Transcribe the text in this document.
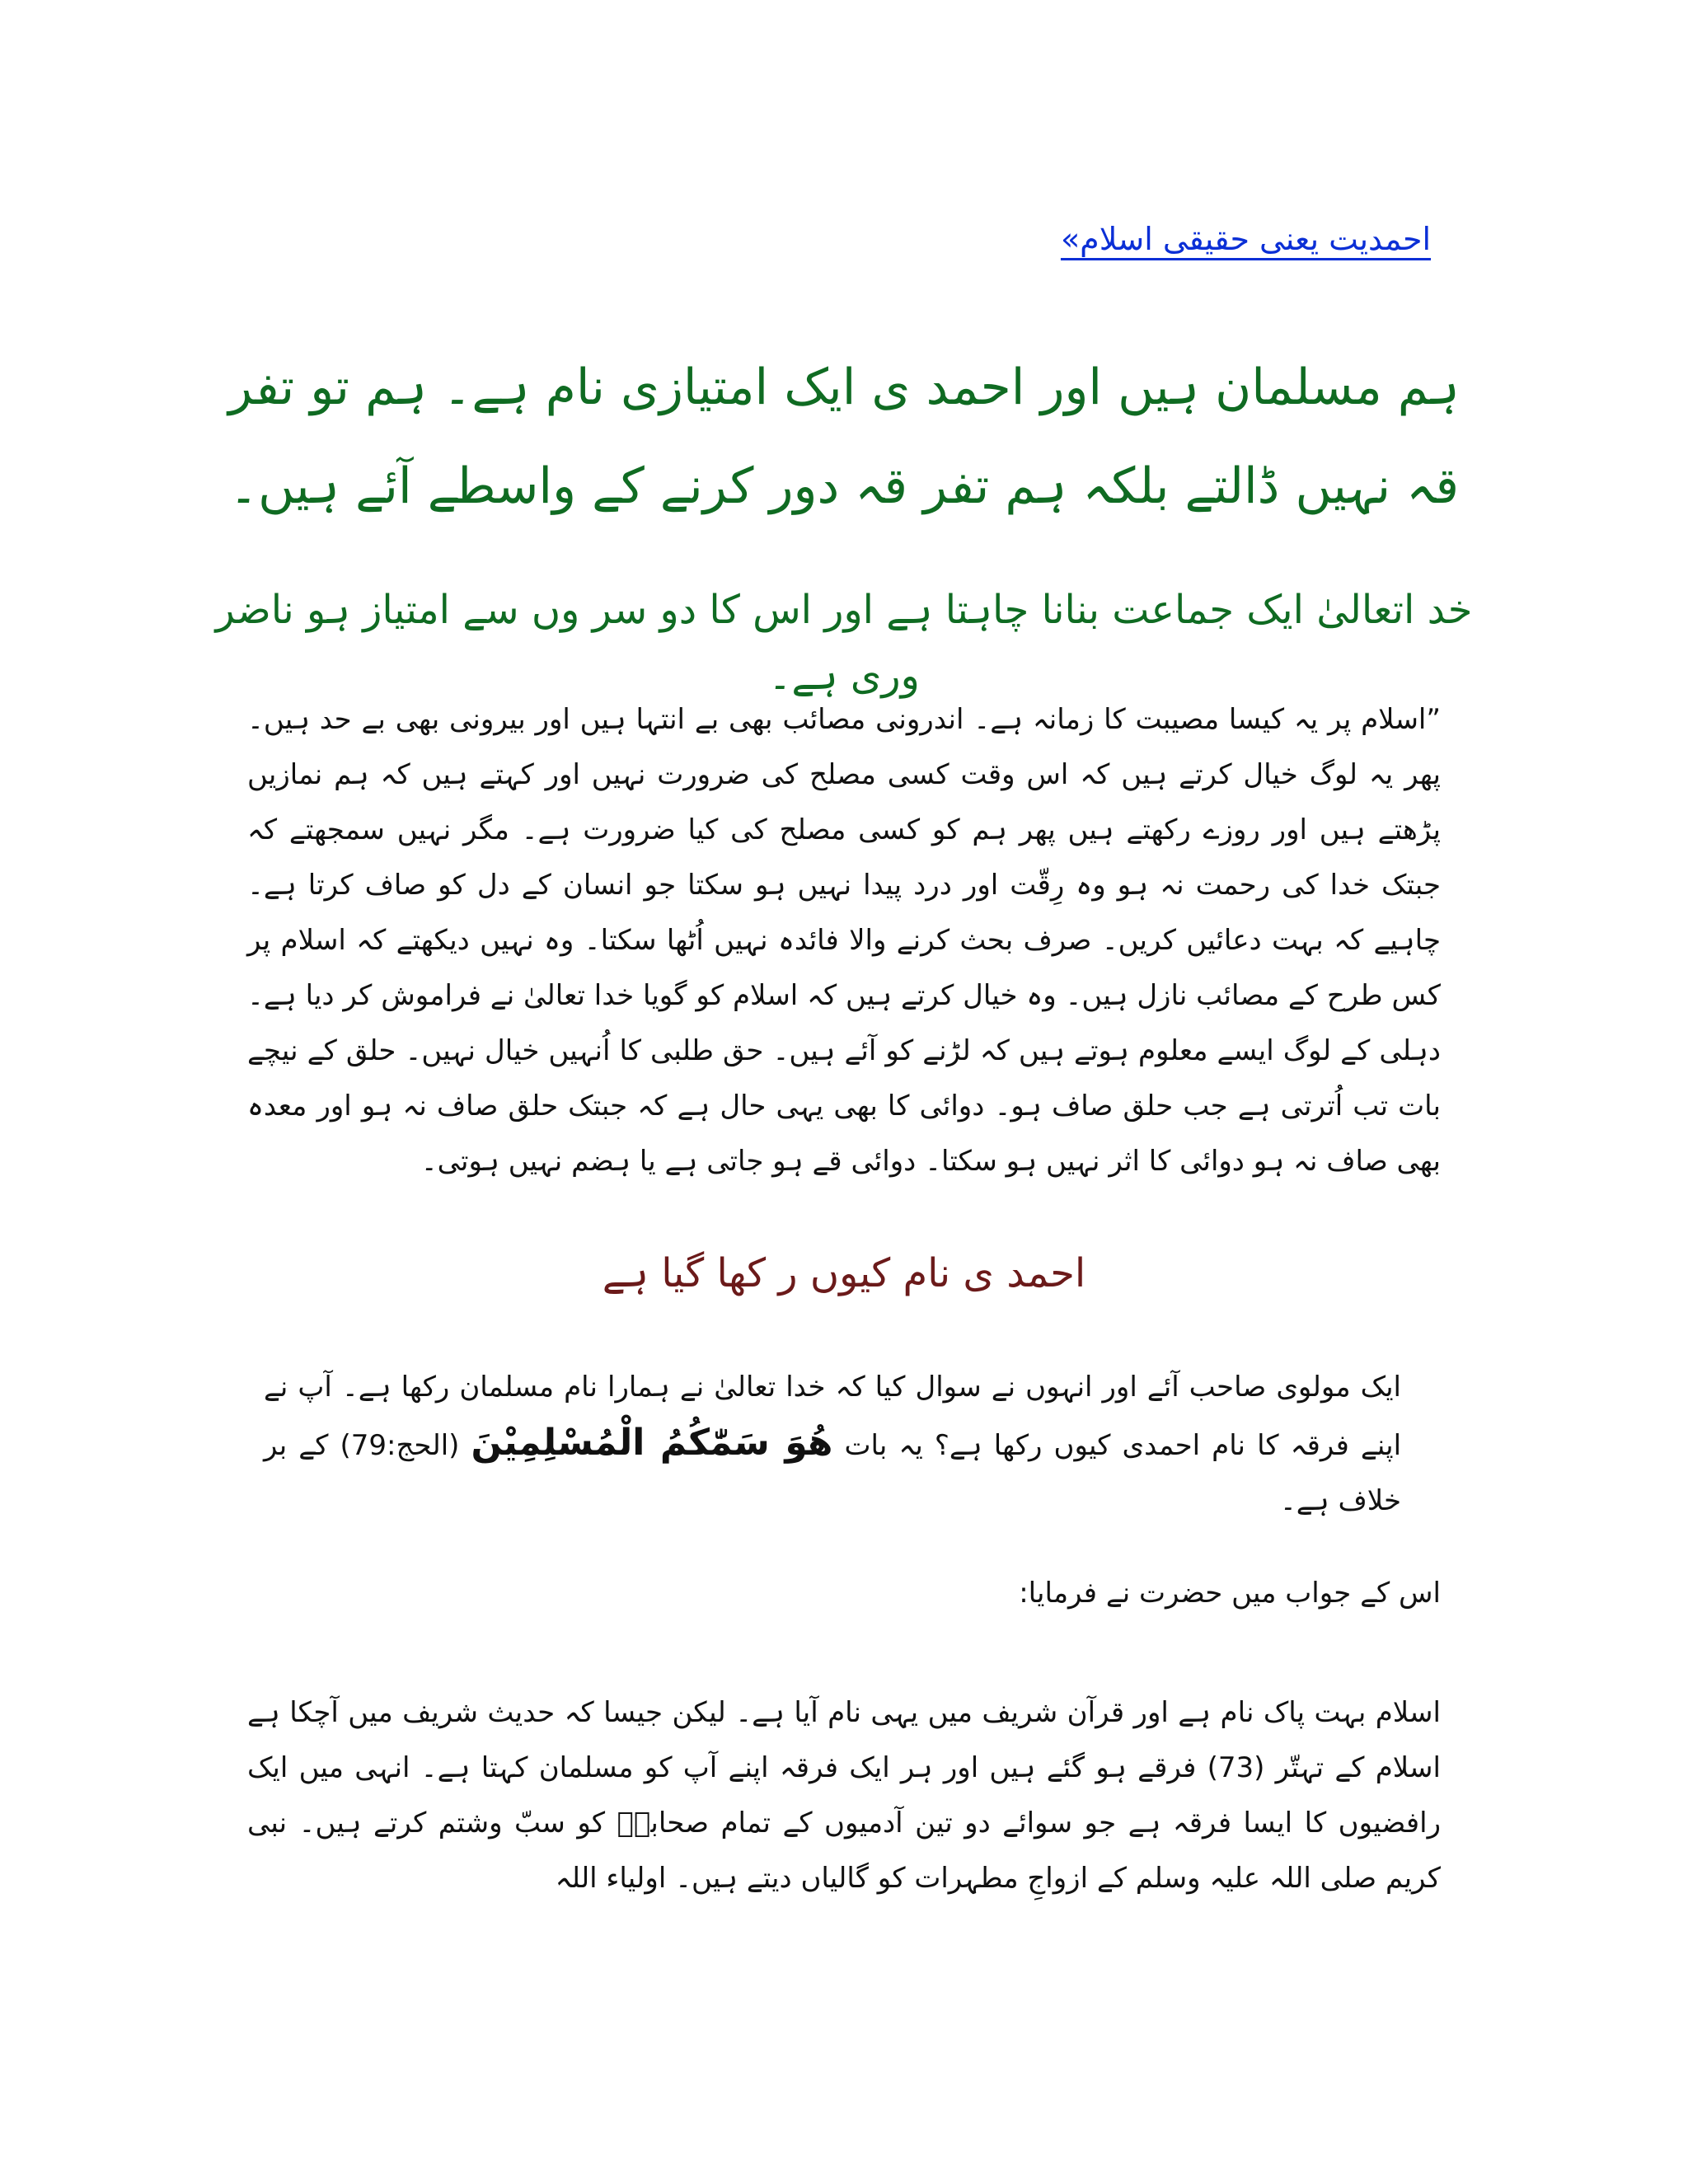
احمدیت یعنی حقیقی اسلام»
ہم مسلمان ہیں اور احمد ی ایک امتیازی نام ہے۔ ہم تو تفر قہ نہیں ڈالتے بلکہ ہم تفر قہ دور کرنے کے واسطے آئے ہیں۔
خد اتعالیٰ ایک جماعت بنانا چاہتا ہے اور اس کا دو سر وں سے امتیاز ہو ناضر وری ہے۔
”اسلام پر یہ کیسا مصیبت کا زمانہ ہے۔ اندرونی مصائب بھی بے انتہا ہیں اور بیرونی بھی بے حد ہیں۔ پھر یہ لوگ خیال کرتے ہیں کہ اس وقت کسی مصلح کی ضرورت نہیں اور کہتے ہیں کہ ہم نمازیں پڑھتے ہیں اور روزے رکھتے ہیں پھر ہم کو کسی مصلح کی کیا ضرورت ہے۔ مگر نہیں سمجھتے کہ جبتک خدا کی رحمت نہ ہو وہ رِقّت اور درد پیدا نہیں ہو سکتا جو انسان کے دل کو صاف کرتا ہے۔ چاہیے کہ بہت دعائیں کریں۔ صرف بحث کرنے والا فائدہ نہیں اُٹھا سکتا۔ وہ نہیں دیکھتے کہ اسلام پر کس طرح کے مصائب نازل ہیں۔ وہ خیال کرتے ہیں کہ اسلام کو گویا خدا تعالیٰ نے فراموش کر دیا ہے۔ دہلی کے لوگ ایسے معلوم ہوتے ہیں کہ لڑنے کو آئے ہیں۔ حق طلبی کا اُنہیں خیال نہیں۔ حلق کے نیچے بات تب اُترتی ہے جب حلق صاف ہو۔ دوائی کا بھی یہی حال ہے کہ جبتک حلق صاف نہ ہو اور معدہ بھی صاف نہ ہو دوائی کا اثر نہیں ہو سکتا۔ دوائی قے ہو جاتی ہے یا ہضم نہیں ہوتی۔
احمد ی نام کیوں ر کھا گیا ہے
ایک مولوی صاحب آئے اور انہوں نے سوال کیا کہ خدا تعالیٰ نے ہمارا نام مسلمان رکھا ہے۔ آپ نے اپنے فرقہ کا نام احمدی کیوں رکھا ہے؟ یہ بات ھُوَ سَمّٰکُمُ الْمُسْلِمِیْنَ (الحج:79) کے بر خلاف ہے۔
اس کے جواب میں حضرت نے فرمایا:
اسلام بہت پاک نام ہے اور قرآن شریف میں یہی نام آیا ہے۔ لیکن جیسا کہ حدیث شریف میں آچکا ہے اسلام کے تہتّر (73) فرقے ہو گئے ہیں اور ہر ایک فرقہ اپنے آپ کو مسلمان کہتا ہے۔ انہی میں ایک رافضیوں کا ایسا فرقہ ہے جو سوائے دو تین آدمیوں کے تمام صحابہؓ کو سبّ وشتم کرتے ہیں۔ نبی کریم صلی اللہ علیہ وسلم کے ازواجِ مطہرات کو گالیاں دیتے ہیں۔ اولیاء اللہ
